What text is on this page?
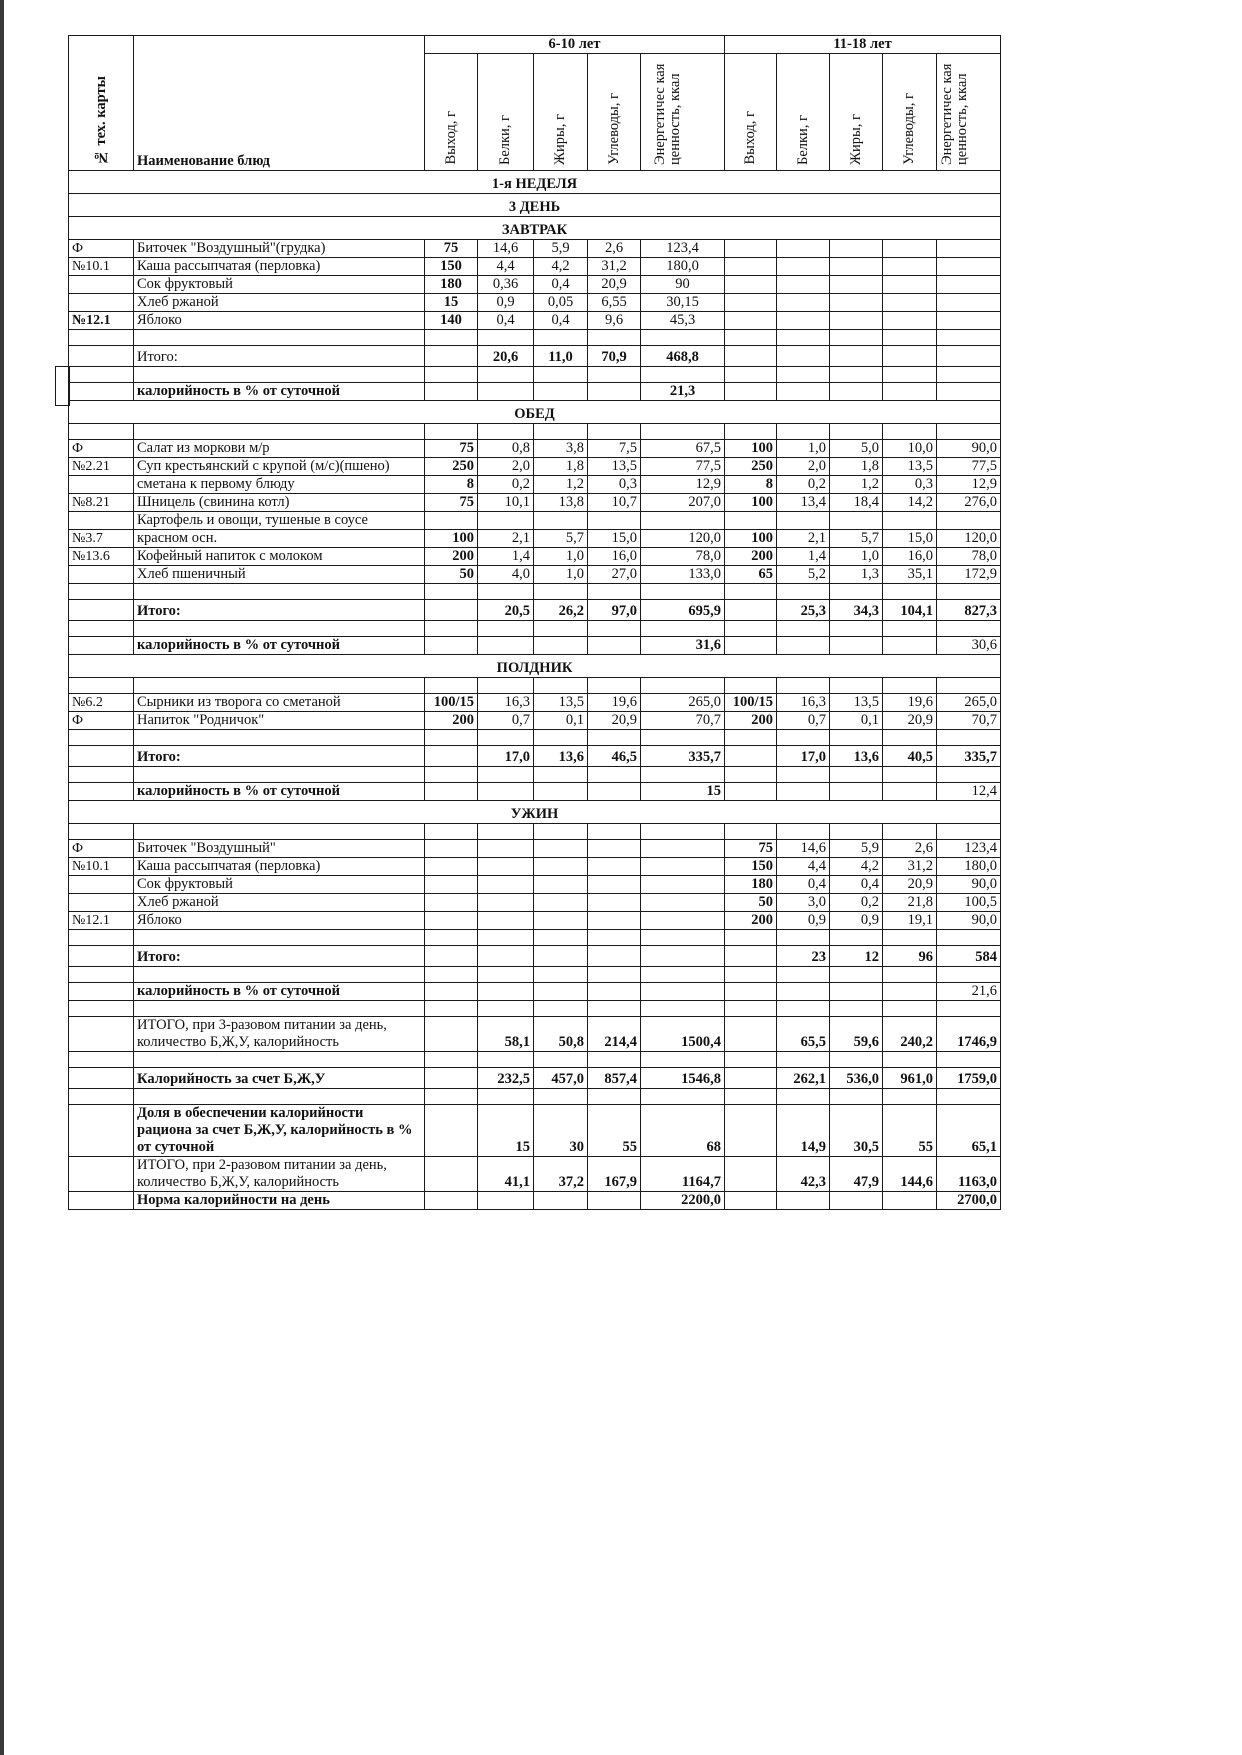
№ тех. карты	Наименование блюд	6-10 лет					11-18 лет				
		Выход, г	Белки, г	Жиры, г	Углеводы, г	Энергетичес кая ценность, ккал	Выход, г	Белки, г	Жиры, г	Углеводы, г	Энергетичес кая ценность, ккал
1-я НЕДЕЛЯ											
3 ДЕНЬ											
ЗАВТРАК											
Ф	Биточек "Воздушный"(грудка)	75	14,6	5,9	2,6	123,4					
№10.1	Каша рассыпчатая (перловка)	150	4,4	4,2	31,2	180,0					
	Сок фруктовый	180	0,36	0,4	20,9	90					
	Хлеб ржаной	15	0,9	0,05	6,55	30,15					
№12.1	Яблоко	140	0,4	0,4	9,6	45,3					

	Итого:		20,6	11,0	70,9	468,8					

	калорийность в % от суточной					21,3					
ОБЕД											

Ф	Салат из моркови м/р	75	0,8	3,8	7,5	67,5	100	1,0	5,0	10,0	90,0
№2.21	Суп крестьянский с крупой (м/с)(пшено)	250	2,0	1,8	13,5	77,5	250	2,0	1,8	13,5	77,5
	сметана к первому блюду	8	0,2	1,2	0,3	12,9	8	0,2	1,2	0,3	12,9
№8.21	Шницель (свинина котл)	75	10,1	13,8	10,7	207,0	100	13,4	18,4	14,2	276,0
	Картофель и овощи, тушеные в соусе										
№3.7	красном осн.	100	2,1	5,7	15,0	120,0	100	2,1	5,7	15,0	120,0
№13.6	Кофейный напиток с молоком	200	1,4	1,0	16,0	78,0	200	1,4	1,0	16,0	78,0
	Хлеб пшеничный	50	4,0	1,0	27,0	133,0	65	5,2	1,3	35,1	172,9

	Итого:		20,5	26,2	97,0	695,9		25,3	34,3	104,1	827,3

	калорийность в % от суточной					31,6					30,6
ПОЛДНИК											

№6.2	Сырники из творога со сметаной	100/15	16,3	13,5	19,6	265,0	100/15	16,3	13,5	19,6	265,0
Ф	Напиток "Родничок"	200	0,7	0,1	20,9	70,7	200	0,7	0,1	20,9	70,7

	Итого:		17,0	13,6	46,5	335,7		17,0	13,6	40,5	335,7

	калорийность в % от суточной					15					12,4
УЖИН											

Ф	Биточек "Воздушный"						75	14,6	5,9	2,6	123,4
№10.1	Каша рассыпчатая (перловка)						150	4,4	4,2	31,2	180,0
	Сок фруктовый						180	0,4	0,4	20,9	90,0
	Хлеб ржаной						50	3,0	0,2	21,8	100,5
№12.1	Яблоко						200	0,9	0,9	19,1	90,0

	Итого:							23	12	96	584

	калорийность в % от суточной										21,6

	ИТОГО, при 3-разовом питании за день,
количество Б,Ж,У, калорийность		58,1	50,8	214,4	1500,4		65,5	59,6	240,2	1746,9

	Калорийность за счет Б,Ж,У		232,5	457,0	857,4	1546,8		262,1	536,0	961,0	1759,0

	Доля в обеспечении калорийности
рациона за счет Б,Ж,У, калорийность в %
от суточной		15	30	55	68		14,9	30,5	55	65,1
	ИТОГО, при 2-разовом питании за день,
количество Б,Ж,У, калорийность		41,1	37,2	167,9	1164,7		42,3	47,9	144,6	1163,0
	Норма калорийности на день					2200,0					2700,0
